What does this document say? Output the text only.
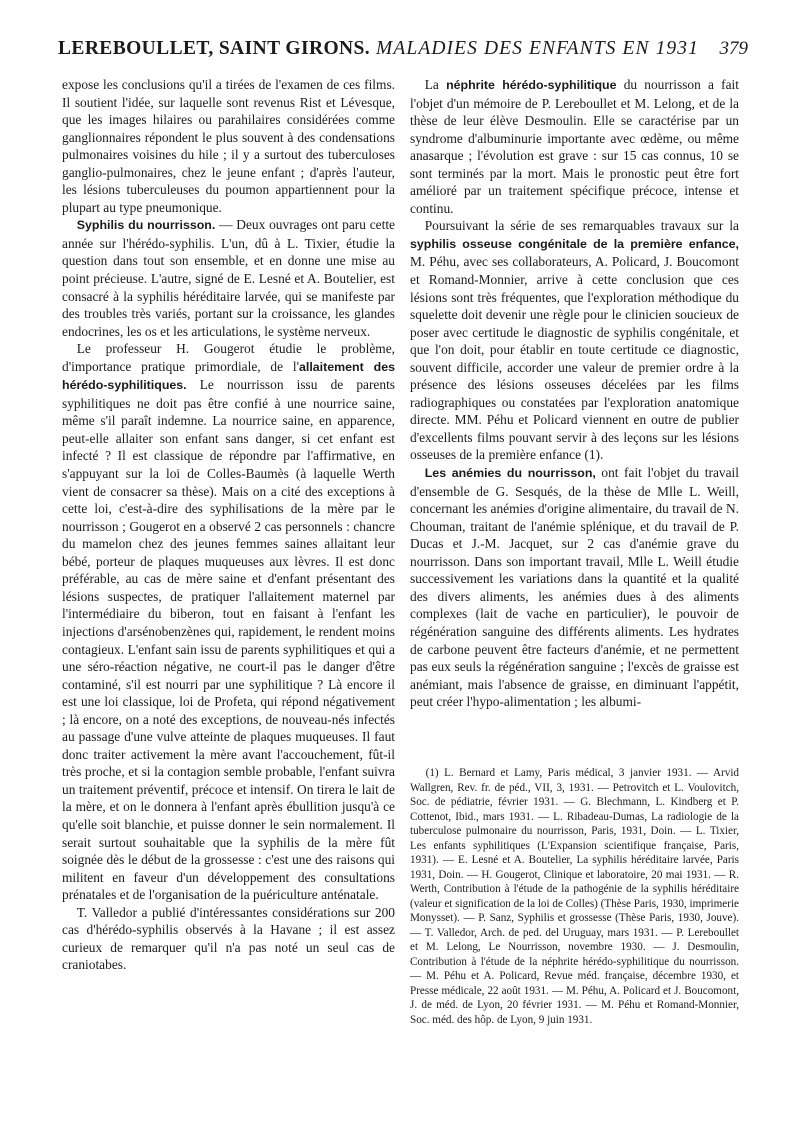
LEREBOULLET, SAINT GIRONS. MALADIES DES ENFANTS EN 1931 379

expose les conclusions qu'il a tirées de l'examen de ces films. Il soutient l'idée, sur laquelle sont revenus Rist et Lévesque, que les images hilaires ou parahilaires considérées comme ganglionnaires répondent le plus souvent à des condensations pulmonaires voisines du hile ; il y a surtout des tuberculoses ganglio-pulmonaires, chez le jeune enfant ; d'après l'auteur, les lésions tuberculeuses du poumon appartiennent pour la plupart au type pneumonique.

Syphilis du nourrisson. — Deux ouvrages ont paru cette année sur l'hérédo-syphilis. L'un, dû à L. Tixier, étudie la question dans tout son ensemble, et en donne une mise au point précieuse. L'autre, signé de E. Lesné et A. Boutelier, est consacré à la syphilis héréditaire larvée, qui se manifeste par des troubles très variés, portant sur la croissance, les glandes endocrines, les os et les articulations, le système nerveux.

Le professeur H. Gougerot étudie le problème, d'importance pratique primordiale, de l'allaitement des hérédo-syphilitiques. Le nourrisson issu de parents syphilitiques ne doit pas être confié à une nourrice saine, même s'il paraît indemne. La nourrice saine, en apparence, peut-elle allaiter son enfant sans danger, si cet enfant est infecté ? Il est classique de répondre par l'affirmative, en s'appuyant sur la loi de Colles-Baumès (à laquelle Werth vient de consacrer sa thèse). Mais on a cité des exceptions à cette loi, c'est-à-dire des syphilisations de la mère par le nourrisson ; Gougerot en a observé 2 cas personnels : chancre du mamelon chez des jeunes femmes saines allaitant leur bébé, porteur de plaques muqueuses aux lèvres. Il est donc préférable, au cas de mère saine et d'enfant présentant des lésions suspectes, de pratiquer l'allaitement maternel par l'intermédiaire du biberon, tout en faisant à l'enfant les injections d'arsénobenzènes qui, rapidement, le rendent moins contagieux. L'enfant sain issu de parents syphilitiques et qui a une séro-réaction négative, ne court-il pas le danger d'être contaminé, s'il est nourri par une syphilitique ? Là encore il est une loi classique, loi de Profeta, qui répond négativement ; là encore, on a noté des exceptions, de nouveau-nés infectés au passage d'une vulve atteinte de plaques muqueuses. Il faut donc traiter activement la mère avant l'accouchement, fût-il très proche, et si la contagion semble probable, l'enfant suivra un traitement préventif, précoce et intensif. On tirera le lait de la mère, et on le donnera à l'enfant après ébullition jusqu'à ce qu'elle soit blanchie, et puisse donner le sein normalement. Il serait surtout souhaitable que la syphilis de la mère fût soignée dès le début de la grossesse : c'est une des raisons qui militent en faveur d'un développement des consultations prénatales et de l'organisation de la puériculture anténatale.

T. Valledor a publié d'intéressantes considérations sur 200 cas d'hérédo-syphilis observés à la Havane ; il est assez curieux de remarquer qu'il n'a pas noté un seul cas de craniotabes.

La néphrite hérédo-syphilitique du nourrisson a fait l'objet d'un mémoire de P. Lereboullet et M. Lelong, et de la thèse de leur élève Desmoulin. Elle se caractérise par un syndrome d'albuminurie importante avec œdème, ou même anasarque ; l'évolution est grave : sur 15 cas connus, 10 se sont terminés par la mort. Mais le pronostic peut être fort amélioré par un traitement spécifique précoce, intense et continu.

Poursuivant la série de ses remarquables travaux sur la syphilis osseuse congénitale de la première enfance, M. Péhu, avec ses collaborateurs, A. Policard, J. Boucomont et Romand-Monnier, arrive à cette conclusion que ces lésions sont très fréquentes, que l'exploration méthodique du squelette doit devenir une règle pour le clinicien soucieux de poser avec certitude le diagnostic de syphilis congénitale, et que l'on doit, pour établir en toute certitude ce diagnostic, souvent difficile, accorder une valeur de premier ordre à la présence des lésions osseuses décelées par les films radiographiques ou constatées par l'exploration anatomique directe. MM. Péhu et Policard viennent en outre de publier d'excellents films pouvant servir à des leçons sur les lésions osseuses de la première enfance (1).

Les anémies du nourrisson, ont fait l'objet du travail d'ensemble de G. Sesqués, de la thèse de Mlle L. Weill, concernant les anémies d'origine alimentaire, du travail de N. Chouman, traitant de l'anémie splénique, et du travail de P. Ducas et J.-M. Jacquet, sur 2 cas d'anémie grave du nourrisson. Dans son important travail, Mlle L. Weill étudie successivement les variations dans la quantité et la qualité des divers aliments, les anémies dues à des aliments complexes (lait de vache en particulier), le pouvoir de régénération sanguine des différents aliments. Les hydrates de carbone peuvent être facteurs d'anémie, et ne permettent pas eux seuls la régénération sanguine ; l'excès de graisse est anémiant, mais l'absence de graisse, en diminuant l'appétit, peut créer l'hypo-alimentation ; les albumi-

(1) L. Bernard et Lamy, Paris médical, 3 janvier 1931. — Arvid Wallgren, Rev. fr. de péd., VII, 3, 1931. — Petrovitch et L. Voulovitch, Soc. de pédiatrie, février 1931. — G. Blechmann, L. Kindberg et P. Cottenot, Ibid., mars 1931. — L. Ribadeau-Dumas, La radiologie de la tuberculose pulmonaire du nourrisson, Paris, 1931, Doin. — L. Tixier, Les enfants syphilitiques (L'Expansion scientifique française, Paris, 1931). — E. Lesné et A. Boutelier, La syphilis héréditaire larvée, Paris 1931, Doin. — H. Gougerot, Clinique et laboratoire, 20 mai 1931. — R. Werth, Contribution à l'étude de la pathogénie de la syphilis héréditaire (valeur et signification de la loi de Colles) (Thèse Paris, 1930, imprimerie Monysset). — P. Sanz, Syphilis et grossesse (Thèse Paris, 1930, Jouve). — T. Valledor, Arch. de ped. del Uruguay, mars 1931. — P. Lereboullet et M. Lelong, Le Nourrisson, novembre 1930. — J. Desmoulin, Contribution à l'étude de la néphrite hérédo-syphilitique du nourrisson. — M. Péhu et A. Policard, Revue méd. française, décembre 1930, et Presse médicale, 22 août 1931. — M. Péhu, A. Policard et J. Boucomont, J. de méd. de Lyon, 20 février 1931. — M. Péhu et Romand-Monnier, Soc. méd. des hôp. de Lyon, 9 juin 1931.
